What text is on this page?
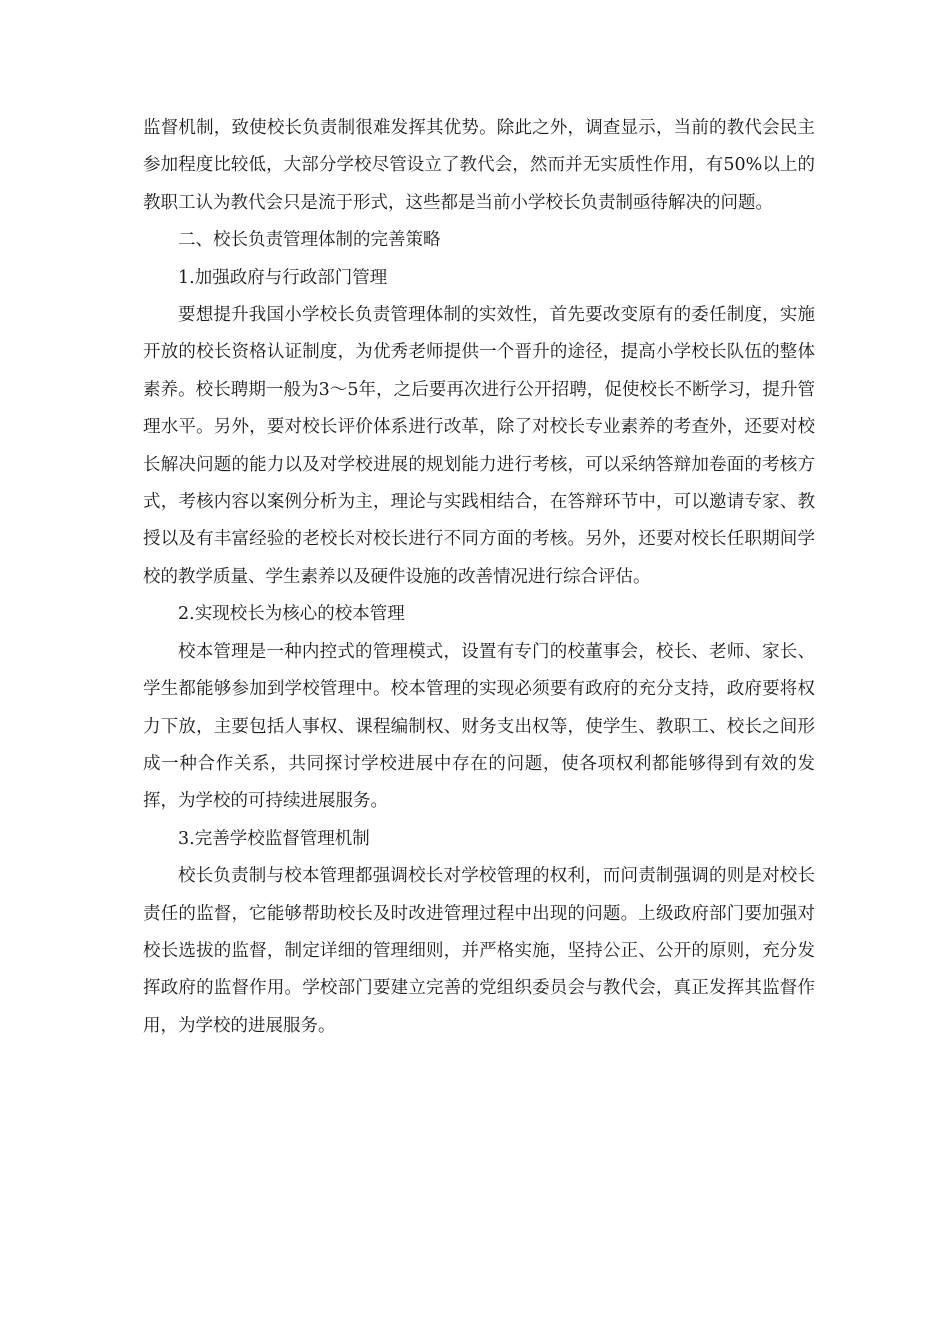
监督机制，致使校长负责制很难发挥其优势。除此之外，调查显示，当前的教代会民主参加程度比较低，大部分学校尽管设立了教代会，然而并无实质性作用，有50%以上的教职工认为教代会只是流于形式，这些都是当前小学校长负责制亟待解决的问题。

二、校长负责管理体制的完善策略

1.加强政府与行政部门管理

要想提升我国小学校长负责管理体制的实效性，首先要改变原有的委任制度，实施开放的校长资格认证制度，为优秀老师提供一个晋升的途径，提高小学校长队伍的整体素养。校长聘期一般为3～5年，之后要再次进行公开招聘，促使校长不断学习，提升管理水平。另外，要对校长评价体系进行改革，除了对校长专业素养的考查外，还要对校长解决问题的能力以及对学校进展的规划能力进行考核，可以采纳答辩加卷面的考核方式，考核内容以案例分析为主，理论与实践相结合，在答辩环节中，可以邀请专家、教授以及有丰富经验的老校长对校长进行不同方面的考核。另外，还要对校长任职期间学校的教学质量、学生素养以及硬件设施的改善情况进行综合评估。

2.实现校长为核心的校本管理

校本管理是一种内控式的管理模式，设置有专门的校董事会，校长、老师、家长、学生都能够参加到学校管理中。校本管理的实现必须要有政府的充分支持，政府要将权力下放，主要包括人事权、课程编制权、财务支出权等，使学生、教职工、校长之间形成一种合作关系，共同探讨学校进展中存在的问题，使各项权利都能够得到有效的发挥，为学校的可持续进展服务。

3.完善学校监督管理机制

校长负责制与校本管理都强调校长对学校管理的权利，而问责制强调的则是对校长责任的监督，它能够帮助校长及时改进管理过程中出现的问题。上级政府部门要加强对校长选拔的监督，制定详细的管理细则，并严格实施，坚持公正、公开的原则，充分发挥政府的监督作用。学校部门要建立完善的党组织委员会与教代会，真正发挥其监督作用，为学校的进展服务。
